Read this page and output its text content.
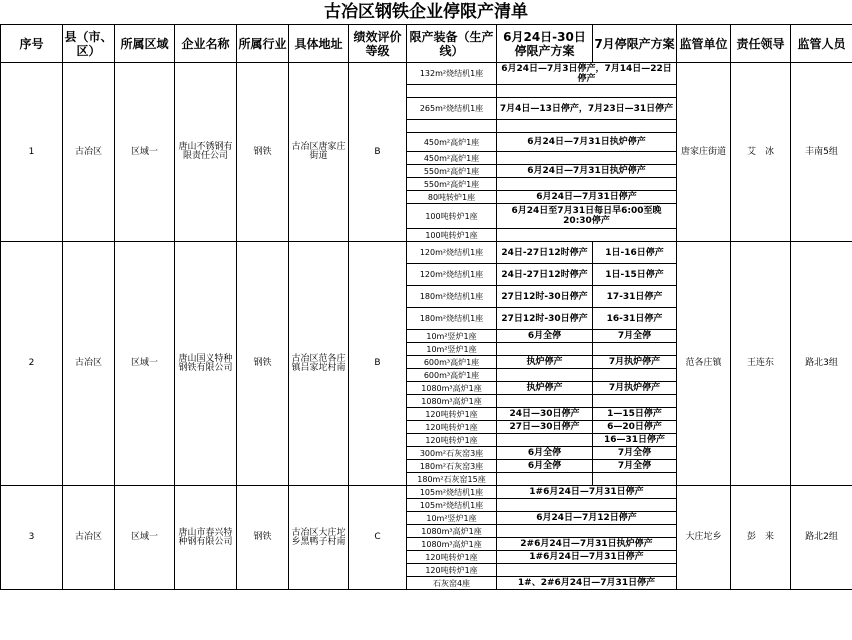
古冶区钢铁企业停限产清单
序号	县（市、区）	所属区域	企业名称	所属行业	具体地址	绩效评价等级	限产装备（生产线）	6月24日-30日停限产方案	7月停限产方案	监管单位	责任领导	监管人员
1	古冶区	区域一	唐山不锈钢有限责任公司	钢铁	古冶区唐家庄街道	B	132m²烧结机1座	6月24日—7月3日停产，7月14日—22日停产		唐家庄街道	艾　冰	丰南5组

							265m²烧结机1座	7月4日—13日停产，7月23日—31日停产				

							450m²高炉1座	6月24日—7月31日执炉停产				
							450m²高炉1座					
							550m²高炉1座	6月24日—7月31日执炉停产				
							550m²高炉1座					
							80吨转炉1座	6月24日—7月31日停产				
							100吨转炉1座	6月24日至7月31日每日早6:00至晚20:30停产				
							100吨转炉1座					
2	古冶区	区域一	唐山国义特种钢铁有限公司	钢铁	古冶区范各庄镇吕家坨村南	B	120m²烧结机1座	24日-27日12时停产	1日-16日停产	范各庄镇	王连东	路北3组
							120m²烧结机1座	24日-27日12时停产	1日-15日停产			
							180m²烧结机1座	27日12时-30日停产	17-31日停产			
							180m²烧结机1座	27日12时-30日停产	16-31日停产			
							10m²竖炉1座	6月全停	7月全停			
							10m²竖炉1座					
							600m³高炉1座	执炉停产	7月执炉停产			
							600m³高炉1座					
							1080m³高炉1座	执炉停产	7月执炉停产			
							1080m³高炉1座					
							120吨转炉1座	24日—30日停产	1—15日停产			
							120吨转炉1座	27日—30日停产	6—20日停产			
							120吨转炉1座		16—31日停产			
							300m²石灰窑3座	6月全停	7月全停			
							180m²石灰窑3座	6月全停	7月全停			
							180m²石灰窑15座					
3	古冶区	区域一	唐山市春兴特种钢有限公司	钢铁	古冶区大庄坨乡黑鸭子村南	C	105m²烧结机1座	1#6月24日—7月31日停产		大庄坨乡	彭　来	路北2组
							105m²烧结机1座					
							10m²竖炉1座	6月24日—7月12日停产				
							1080m³高炉1座					
							1080m³高炉1座	2#6月24日—7月31日执炉停产				
							120吨转炉1座	1#6月24日—7月31日停产				
							120吨转炉1座					
							石灰窑4座	1#、2#6月24日—7月31日停产				
